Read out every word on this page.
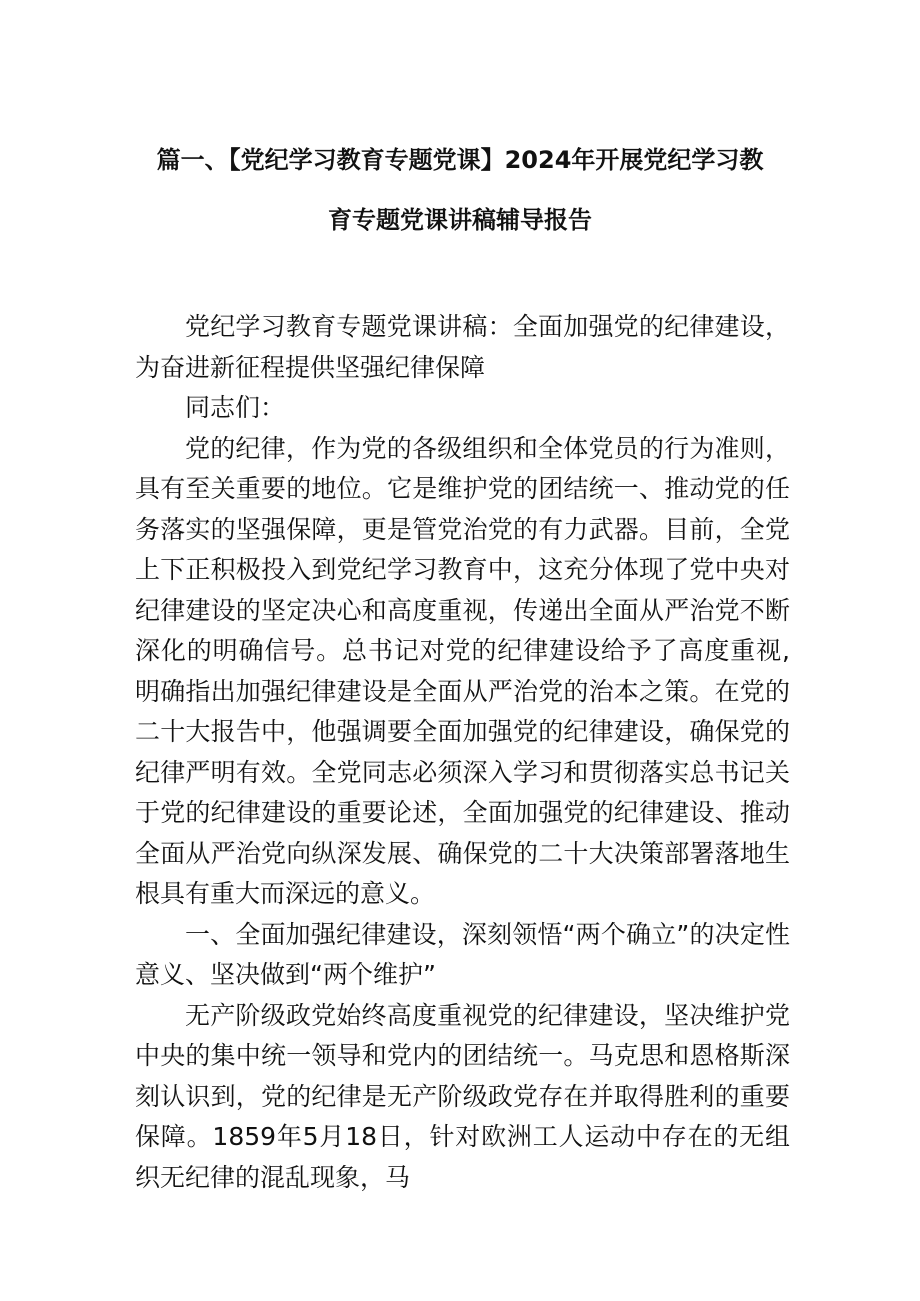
篇一、【党纪学习教育专题党课】2024年开展党纪学习教
育专题党课讲稿辅导报告

党纪学习教育专题党课讲稿：全面加强党的纪律建设，为奋进新征程提供坚强纪律保障

同志们：

党的纪律，作为党的各级组织和全体党员的行为准则，具有至关重要的地位。它是维护党的团结统一、推动党的任务落实的坚强保障，更是管党治党的有力武器。目前，全党上下正积极投入到党纪学习教育中，这充分体现了党中央对纪律建设的坚定决心和高度重视，传递出全面从严治党不断深化的明确信号。总书记对党的纪律建设给予了高度重视,明确指出加强纪律建设是全面从严治党的治本之策。在党的二十大报告中，他强调要全面加强党的纪律建设，确保党的纪律严明有效。全党同志必须深入学习和贯彻落实总书记关于党的纪律建设的重要论述，全面加强党的纪律建设、推动全面从严治党向纵深发展、确保党的二十大决策部署落地生根具有重大而深远的意义。

一、全面加强纪律建设，深刻领悟“两个确立”的决定性意义、坚决做到“两个维护”

无产阶级政党始终高度重视党的纪律建设，坚决维护党中央的集中统一领导和党内的团结统一。马克思和恩格斯深刻认识到，党的纪律是无产阶级政党存在并取得胜利的重要保障。1859年5月18日，针对欧洲工人运动中存在的无组织无纪律的混乱现象，马
